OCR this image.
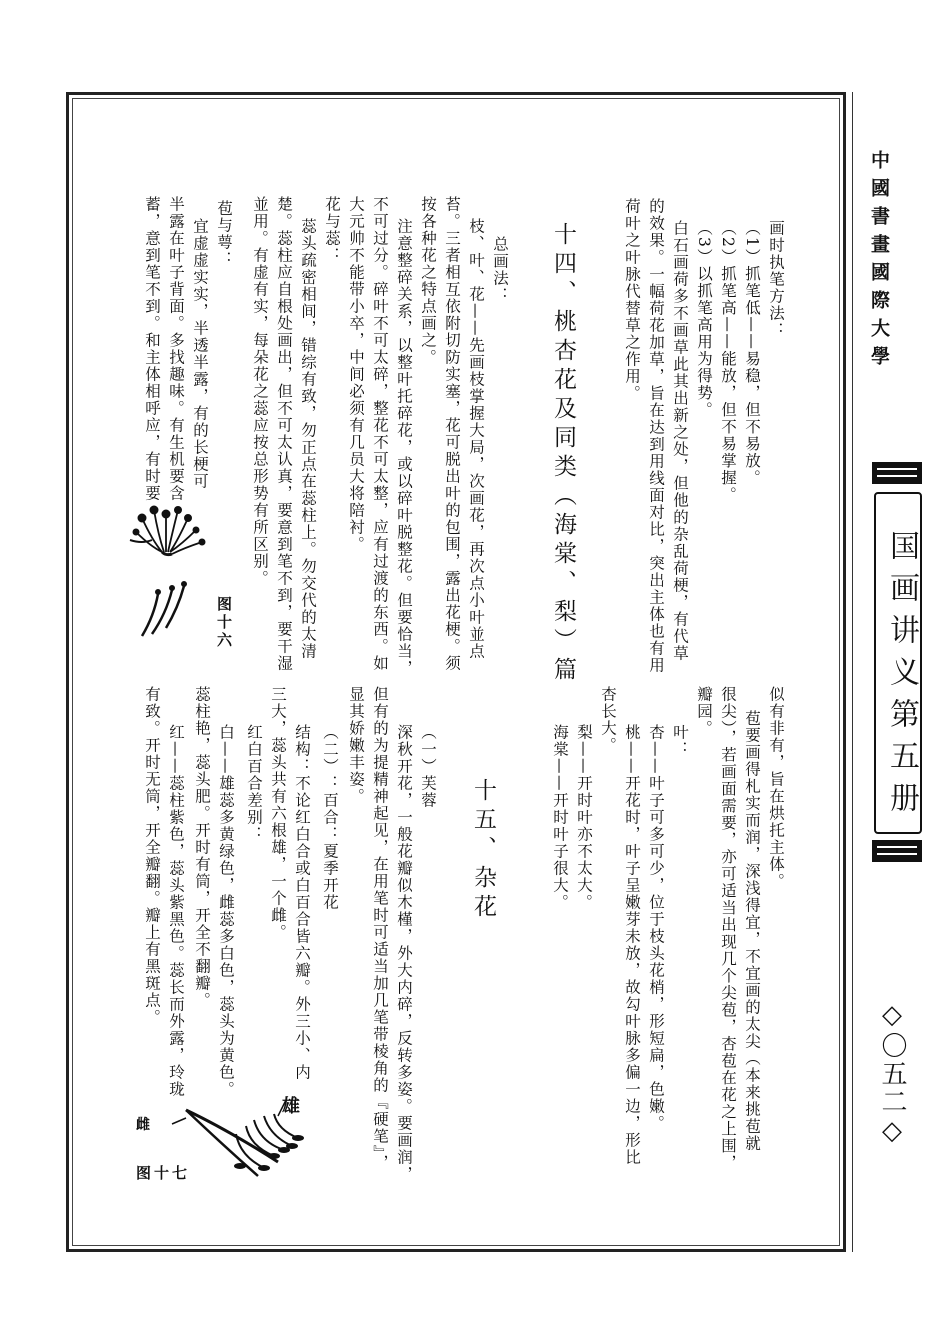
中國書畫國際大學
国画讲义第五册
◇〇五二◇
画时执笔方法：
（1）抓笔低——易稳，但不易放。
（2）抓笔高——能放，但不易掌握。
（3）以抓笔高用为得势。
白石画荷多不画草此其出新之处，但他的杂乱荷梗，有代草
的效果。一幅荷花加草，旨在达到用线面对比，突出主体也有用
荷叶之叶脉代替草之作用。
十四、桃杏花及同类（海棠、梨）篇
总画法：
枝、叶、花——先画枝掌握大局，次画花，再次点小叶並点
苔。三者相互依附切防实塞，花可脱出叶的包围，露出花梗。须
按各种花之特点画之。
注意整碎关系，以整叶托碎花，或以碎叶脱整花。但要恰当，
不可过分。碎叶不可太碎，整花不可太整，应有过渡的东西。如
大元帅不能带小卒，中间必须有几员大将陪衬。
花与蕊：
蕊头疏密相间，错综有致，勿正点在蕊柱上。勿交代的太清
楚。蕊柱应自根处画出，但不可太认真，要意到笔不到，要干湿
並用。有虚有实，每朵花之蕊应按总形势有所区别。
苞与萼：
宜虚虚实实，半透半露，有的长梗可
半露在叶子背面。多找趣味。有生机要含
蓄，意到笔不到。和主体相呼应，有时要
图十六
似有非有，旨在烘托主体。
苞要画得札实而润，深浅得宜，不宜画的太尖（本来挑苞就
很尖），若画面需要，亦可适当出现几个尖苞，杏苞在花之上围，
瓣园。
叶：
杏——叶子可多可少，位于枝头花梢，形短扁，色嫩。
桃——开花时，叶子呈嫩芽未放，故勾叶脉多偏一边，形比
杏长大。
梨——开时叶亦不太大。
海棠——开时叶子很大。
十五、杂花
（一）芙蓉
深秋开花，一般花瓣似木槿，外大内碎，反转多姿。要画润，
但有的为提精神起见，在用笔时可适当加几笔带棱角的『硬笔』，
显其娇嫩丰姿。
（二）：百合：夏季开花
结构：不论红白合或白百合皆六瓣。外三小、内
三大，蕊头共有六根雄，一个雌。
红白百合差别：
白——雄蕊多黄绿色，雌蕊多白色，蕊头为黄色。
蕊柱艳，蕊头肥。开时有筒，开全不翻瓣。
红——蕊柱紫色，蕊头紫黑色。蕊长而外露，玲珑
有致。开时无筒，开全瓣翻。瓣上有黑斑点。
雄
雌
图十七
